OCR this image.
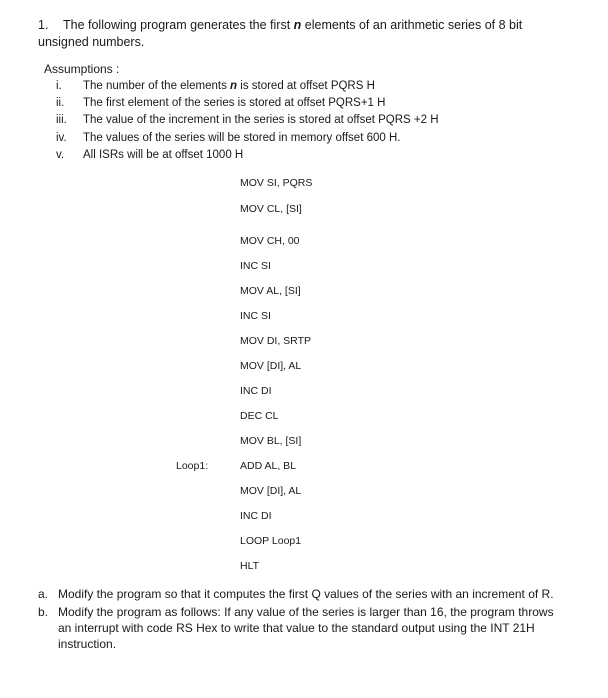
1. The following program generates the first n elements of an arithmetic series of 8 bit unsigned numbers.
Assumptions :
i.	The number of the elements n is stored at offset PQRS H
ii.	The first element of the series is stored at offset PQRS+1 H
iii.	The value of the increment in the series is stored at offset PQRS +2 H
iv.	The values of the series will be stored in memory offset 600 H.
v.	All ISRs will be at offset 1000 H
MOV SI, PQRS
MOV CL, [SI]
MOV CH, 00
INC SI
MOV AL, [SI]
INC SI
MOV DI, SRTP
MOV [DI], AL
INC DI
DEC CL
MOV BL, [SI]
Loop1:	ADD AL, BL
MOV [DI], AL
INC DI
LOOP Loop1
HLT
a. Modify the program so that it computes the first Q values of the series with an increment of R.
b. Modify the program as follows: If any value of the series is larger than 16, the program throws an interrupt with code RS Hex to write that value to the standard output using the INT 21H instruction.
